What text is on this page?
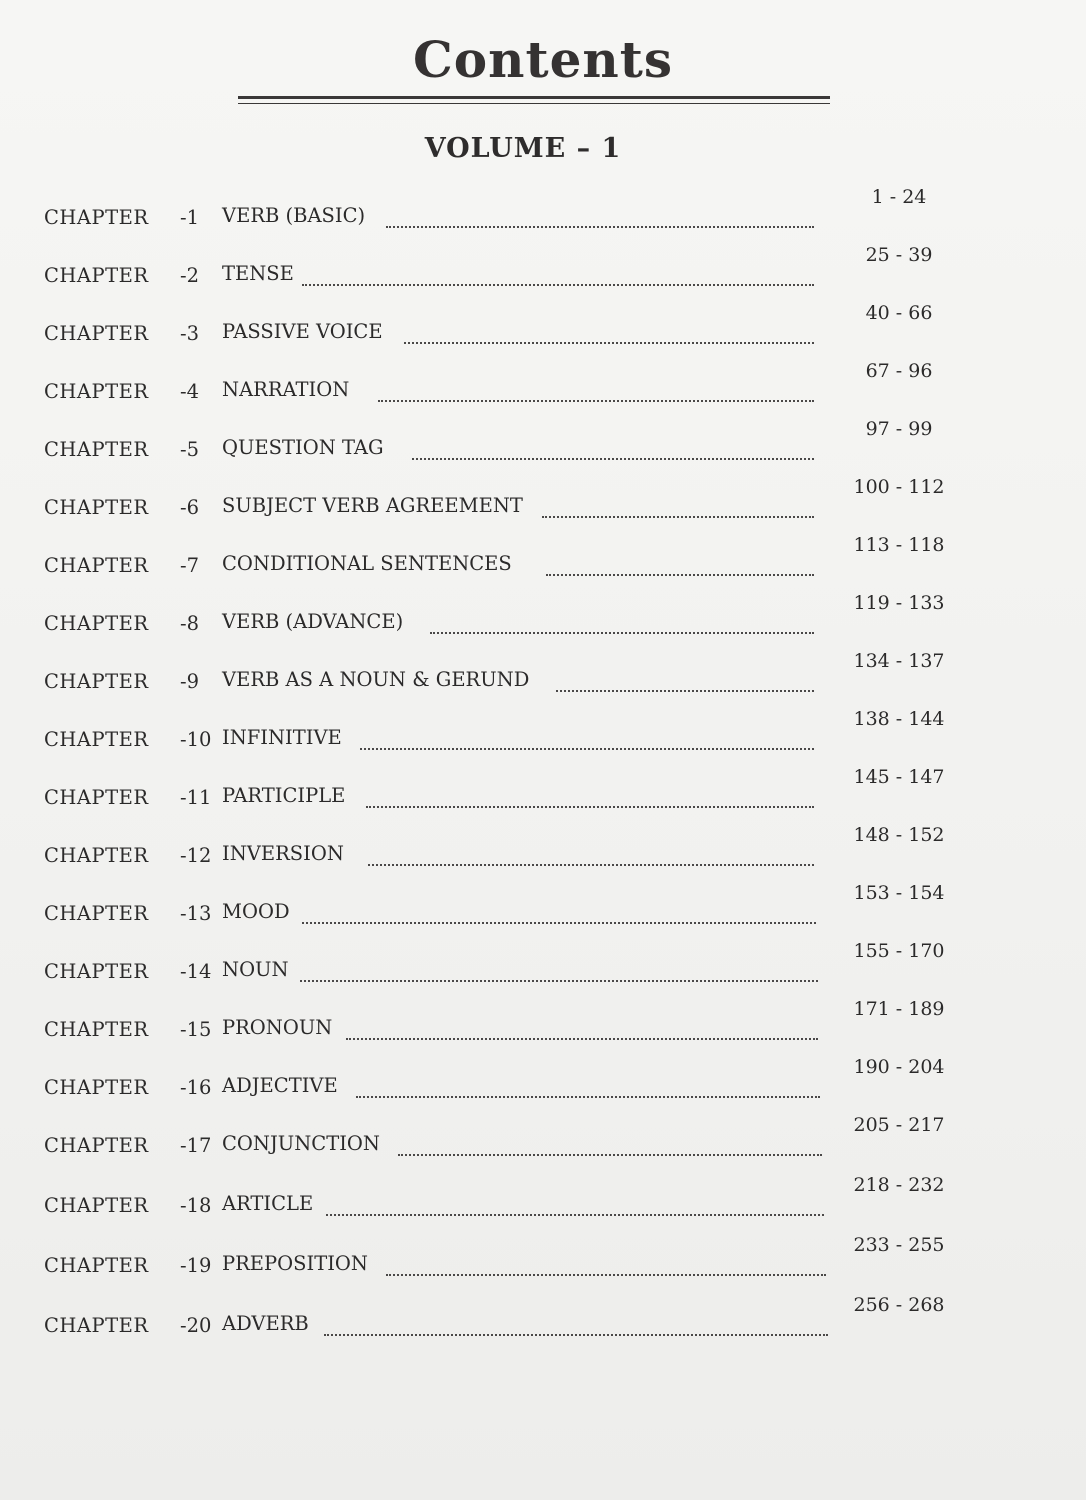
Contents
VOLUME – 1
CHAPTER -1 VERB (BASIC)
1 - 24
CHAPTER -2 TENSE
25 - 39
CHAPTER -3 PASSIVE VOICE
40 - 66
CHAPTER -4 NARRATION
67 - 96
CHAPTER -5 QUESTION TAG
97 - 99
CHAPTER -6 SUBJECT VERB AGREEMENT
100 - 112
CHAPTER -7 CONDITIONAL SENTENCES
113 - 118
CHAPTER -8 VERB (ADVANCE)
119 - 133
CHAPTER -9 VERB AS A NOUN & GERUND
134 - 137
CHAPTER -10 INFINITIVE
138 - 144
CHAPTER -11 PARTICIPLE
145 - 147
CHAPTER -12 INVERSION
148 - 152
CHAPTER -13 MOOD
153 - 154
CHAPTER -14 NOUN
155 - 170
CHAPTER -15 PRONOUN
171 - 189
CHAPTER -16 ADJECTIVE
190 - 204
CHAPTER -17 CONJUNCTION
205 - 217
CHAPTER -18 ARTICLE
218 - 232
CHAPTER -19 PREPOSITION
233 - 255
CHAPTER -20 ADVERB
256 - 268
